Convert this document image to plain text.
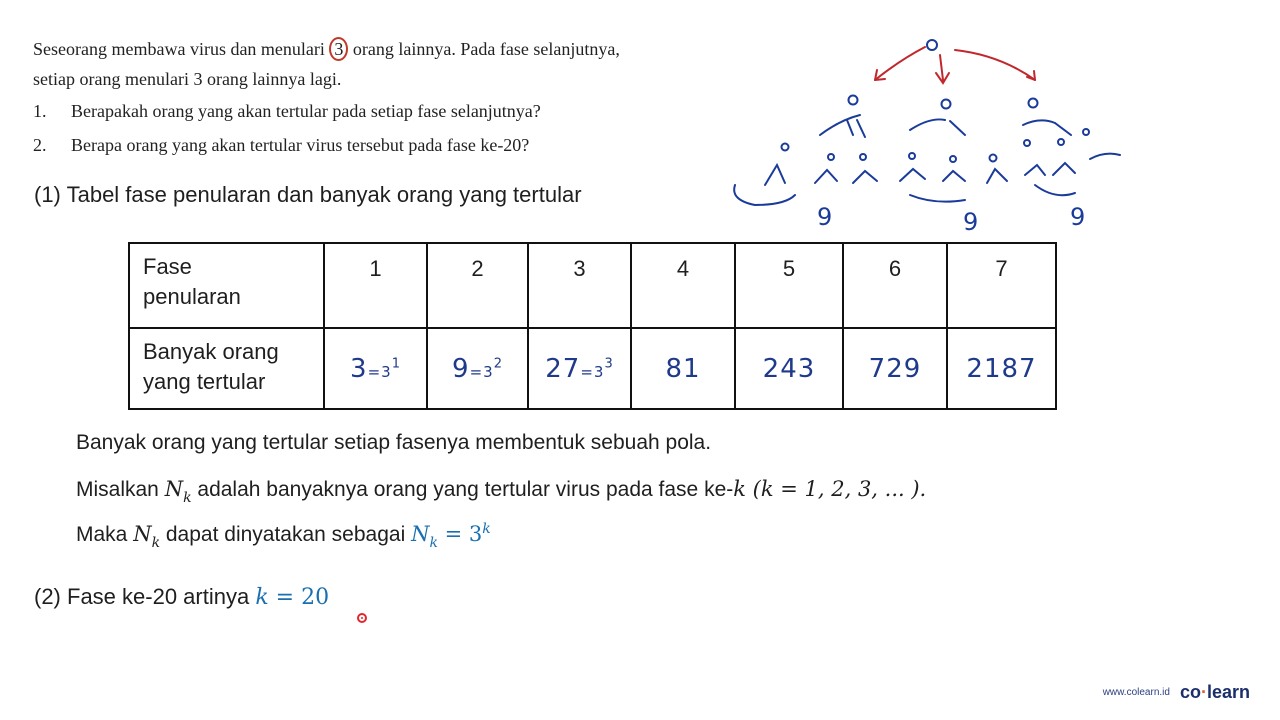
Seseorang membawa virus dan menulari 3 orang lainnya. Pada fase selanjutnya,
setiap orang menulari 3 orang lainnya lagi.
1.	Berapakah orang yang akan tertular pada setiap fase selanjutnya?
2.	Berapa orang yang akan tertular virus tersebut pada fase ke-20?
9	9	9
(1) Tabel fase penularan dan banyak orang yang tertular
Fase
penularan	1	2	3	4	5	6	7

Banyak orang
yang tertular	$3=3^1$	$9=3^2$	$27=3^3$	81	243	729	2187
Banyak orang yang tertular setiap fasenya membentuk sebuah pola.
Misalkan $N_k$ adalah banyaknya orang yang tertular virus pada fase ke-k (k = 1, 2, 3, ... ).
Maka $N_k$ dapat dinyatakan sebagai $N_k = 3^k$
(2) Fase ke-20 artinya k = 20
www.colearn.id co·learn
